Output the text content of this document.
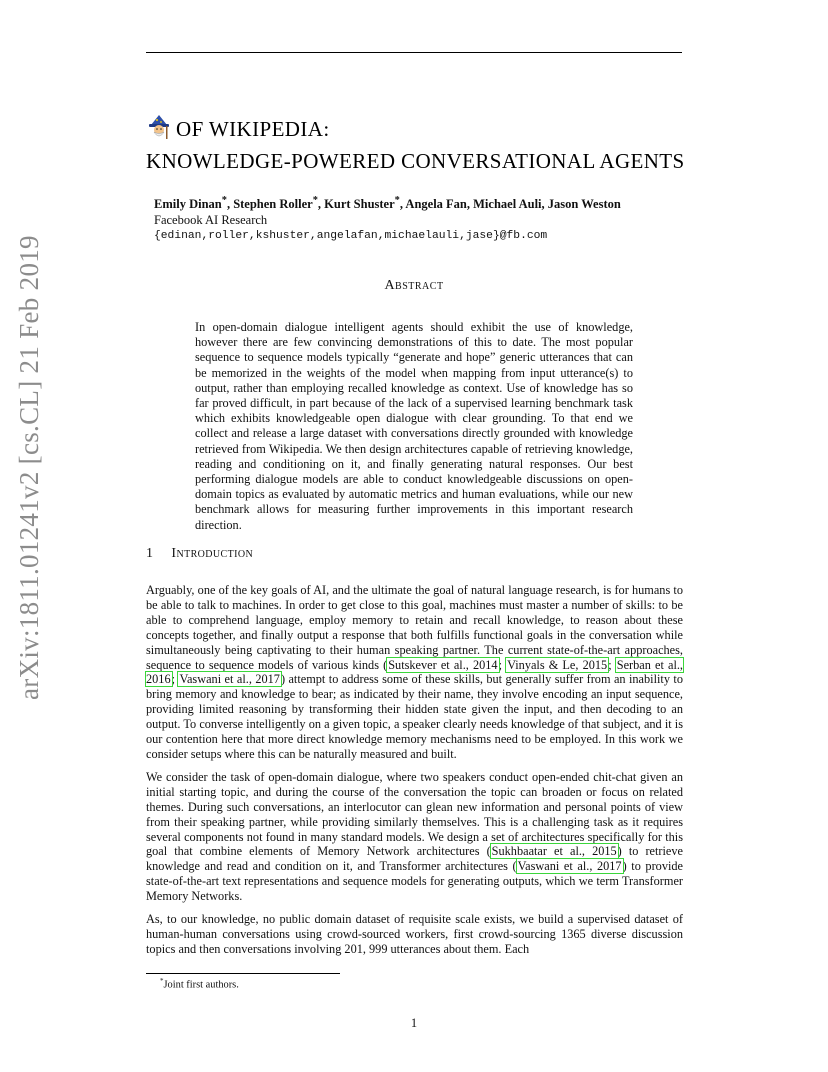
arXiv:1811.01241v2 [cs.CL] 21 Feb 2019
OF WIKIPEDIA:
KNOWLEDGE-POWERED CONVERSATIONAL AGENTS
Emily Dinan*, Stephen Roller*, Kurt Shuster*, Angela Fan, Michael Auli, Jason Weston
Facebook AI Research
{edinan,roller,kshuster,angelafan,michaelauli,jase}@fb.com
Abstract
In open-domain dialogue intelligent agents should exhibit the use of knowledge, however there are few convincing demonstrations of this to date. The most popular sequence to sequence models typically “generate and hope” generic utterances that can be memorized in the weights of the model when mapping from input utterance(s) to output, rather than employing recalled knowledge as context. Use of knowledge has so far proved difficult, in part because of the lack of a supervised learning benchmark task which exhibits knowledgeable open dialogue with clear grounding. To that end we collect and release a large dataset with conversations directly grounded with knowledge retrieved from Wikipedia. We then design architectures capable of retrieving knowledge, reading and conditioning on it, and finally generating natural responses. Our best performing dialogue models are able to conduct knowledgeable discussions on open-domain topics as evaluated by automatic metrics and human evaluations, while our new benchmark allows for measuring further improvements in this important research direction.
1 Introduction

Arguably, one of the key goals of AI, and the ultimate the goal of natural language research, is for humans to be able to talk to machines. In order to get close to this goal, machines must master a number of skills: to be able to comprehend language, employ memory to retain and recall knowledge, to reason about these concepts together, and finally output a response that both fulfills functional goals in the conversation while simultaneously being captivating to their human speaking partner. The current state-of-the-art approaches, sequence to sequence models of various kinds (Sutskever et al., 2014; Vinyals & Le, 2015; Serban et al., 2016; Vaswani et al., 2017) attempt to address some of these skills, but generally suffer from an inability to bring memory and knowledge to bear; as indicated by their name, they involve encoding an input sequence, providing limited reasoning by transforming their hidden state given the input, and then decoding to an output. To converse intelligently on a given topic, a speaker clearly needs knowledge of that subject, and it is our contention here that more direct knowledge memory mechanisms need to be employed. In this work we consider setups where this can be naturally measured and built.

We consider the task of open-domain dialogue, where two speakers conduct open-ended chit-chat given an initial starting topic, and during the course of the conversation the topic can broaden or focus on related themes. During such conversations, an interlocutor can glean new information and personal points of view from their speaking partner, while providing similarly themselves. This is a challenging task as it requires several components not found in many standard models. We design a set of architectures specifically for this goal that combine elements of Memory Network architectures (Sukhbaatar et al., 2015) to retrieve knowledge and read and condition on it, and Transformer architectures (Vaswani et al., 2017) to provide state-of-the-art text representations and sequence models for generating outputs, which we term Transformer Memory Networks.

As, to our knowledge, no public domain dataset of requisite scale exists, we build a supervised dataset of human-human conversations using crowd-sourced workers, first crowd-sourcing 1365 diverse discussion topics and then conversations involving 201, 999 utterances about them. Each

*Joint first authors.
1
